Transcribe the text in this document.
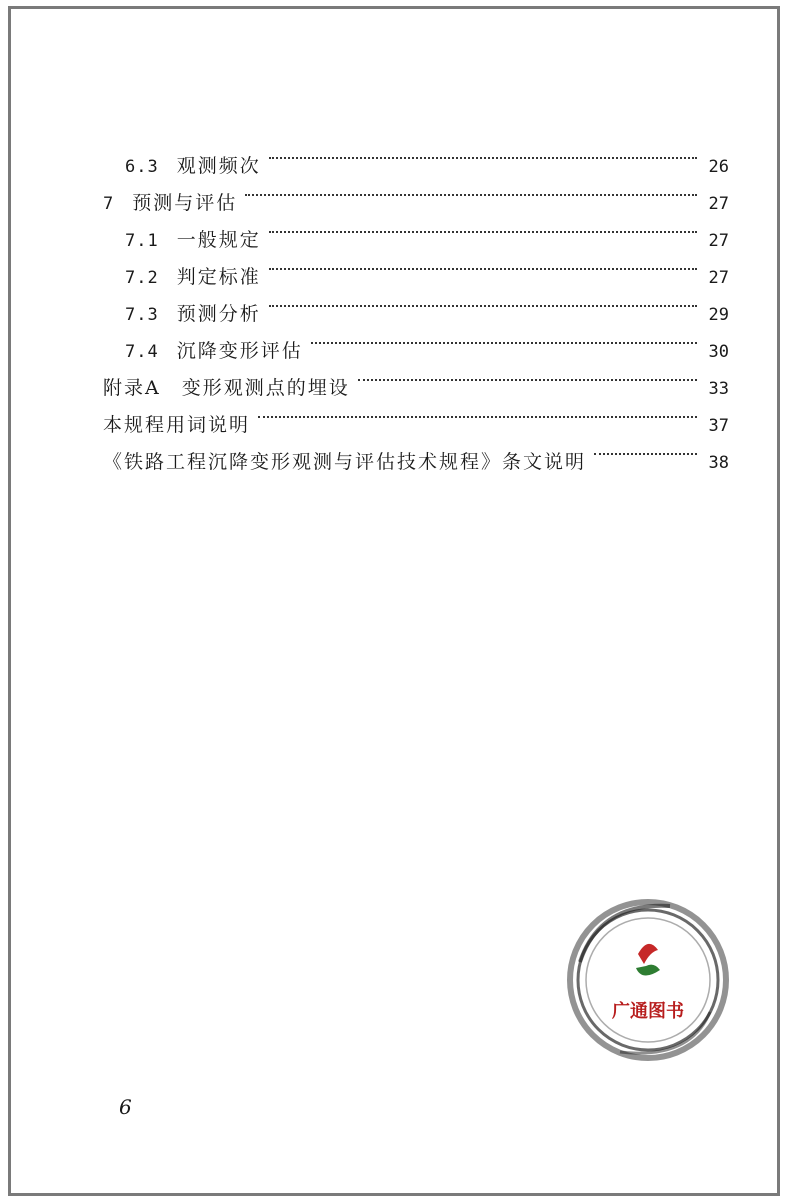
6.3 观测频次	26
7 预测与评估	27
7.1 一般规定	27
7.2 判定标准	27
7.3 预测分析	29
7.4 沉降变形评估	30
附录A　变形观测点的埋设	33
本规程用词说明	37
《铁路工程沉降变形观测与评估技术规程》条文说明	38
6
广通图书
